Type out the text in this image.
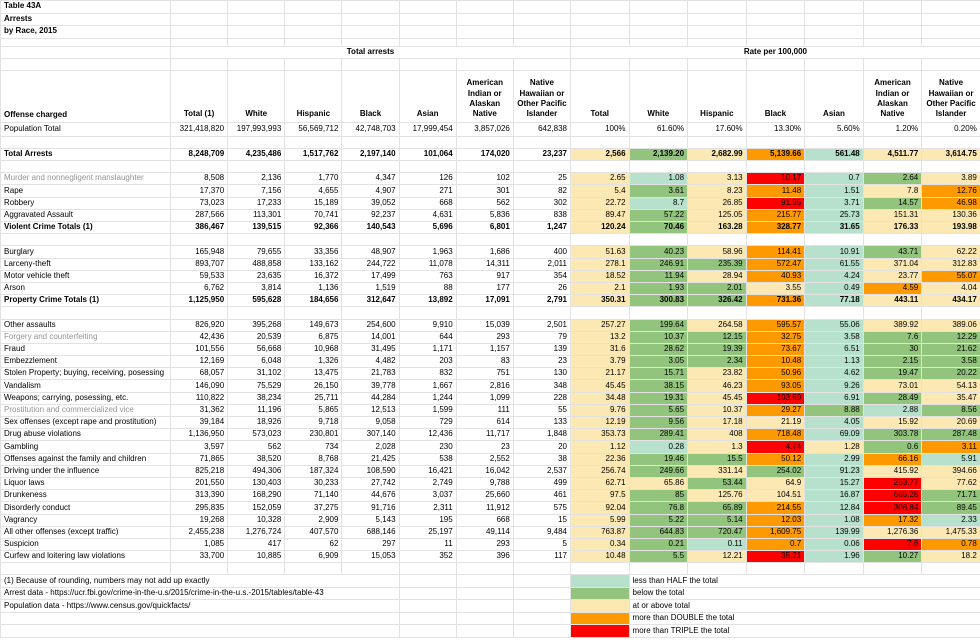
Table 43A														
Arrests														
by Race, 2015														

	Total arrests							Rate per 100,000						

Offense charged	Total (1)	White	Hispanic	Black	Asian	American Indian or Alaskan Native	Native Hawaiian or Other Pacific Islander	Total	White	Hispanic	Black	Asian	American Indian or Alaskan Native	Native Hawaiian or Other Pacific Islander
Population Total	321,418,820	197,993,993	56,569,712	42,748,703	17,999,454	3,857,026	642,838	100%	61.60%	17.60%	13.30%	5.60%	1.20%	0.20%

Total Arrests	8,248,709	4,235,486	1,517,762	2,197,140	101,064	174,020	23,237	2,566	2,139.20	2,682.99	5,139.66	561.48	4,511.77	3,614.75

Murder and nonnegligent manslaughter	8,508	2,136	1,770	4,347	126	102	25	2.65	1.08	3.13	10.17	0.7	2.64	3.89
Rape	17,370	7,156	4,655	4,907	271	301	82	5.4	3.61	8.23	11.48	1.51	7.8	12.76
Robbery	73,023	17,233	15,189	39,052	668	562	302	22.72	8.7	26.85	91.35	3.71	14.57	46.98
Aggravated Assault	287,566	113,301	70,741	92,237	4,631	5,836	838	89.47	57.22	125.05	215.77	25.73	151.31	130.36
Violent Crime Totals (1)	386,467	139,515	92,366	140,543	5,696	6,801	1,247	120.24	70.46	163.28	328.77	31.65	176.33	193.98

Burglary	165,948	79,655	33,356	48,907	1,963	1,686	400	51.63	40.23	58.96	114.41	10.91	43.71	62.22
Larceny-theft	893,707	488,858	133,162	244,722	11,078	14,311	2,011	278.1	246.91	235.39	572.47	61.55	371.04	312.83
Motor vehicle theft	59,533	23,635	16,372	17,499	763	917	354	18.52	11.94	28.94	40.93	4.24	23.77	55.07
Arson	6,762	3,814	1,136	1,519	88	177	26	2.1	1.93	2.01	3.55	0.49	4.59	4.04
Property Crime Totals (1)	1,125,950	595,628	184,656	312,647	13,892	17,091	2,791	350.31	300.83	326.42	731.36	77.18	443.11	434.17

Other assaults	826,920	395,268	149,673	254,600	9,910	15,039	2,501	257.27	199.64	264.58	595.57	55.06	389.92	389.06
Forgery and counterfeiting	42,436	20,539	6,875	14,001	644	293	79	13.2	10.37	12.15	32.75	3.58	7.6	12.29
Fraud	101,556	56,668	10,968	31,495	1,171	1,157	139	31.6	28.62	19.39	73.67	6.51	30	21.62
Embezzlement	12,169	6,048	1,326	4,482	203	83	23	3.79	3.05	2.34	10.48	1.13	2.15	3.58
Stolen Property; buying, receiving, posessing	68,057	31,102	13,475	21,783	832	751	130	21.17	15.71	23.82	50.96	4.62	19.47	20.22
Vandalism	146,090	75,529	26,150	39,778	1,667	2,816	348	45.45	38.15	46.23	93.05	9.26	73.01	54.13
Weapons; carrying, posessing, etc.	110,822	38,234	25,711	44,284	1,244	1,099	228	34.48	19.31	45.45	103.59	6.91	28.49	35.47
Prostitution and commercialized vice	31,362	11,196	5,865	12,513	1,599	111	55	9.76	5.65	10.37	29.27	8.88	2.88	8.56
Sex offenses (except rape and prostitution)	39,184	18,926	9,718	9,058	729	614	133	12.19	9.56	17.18	21.19	4.05	15.92	20.69
Drug abuse violations	1,136,950	573,023	230,801	307,140	12,436	11,717	1,848	353.73	289.41	408	718.48	69.09	303.78	287.48
Gambling	3,597	562	734	2,028	230	23	20	1.12	0.28	1.3	4.74	1.28	0.6	3.11
Offenses against the family and children	71,865	38,520	8,768	21,425	538	2,552	38	22.36	19.46	15.5	50.12	2.99	66.16	5.91
Driving under the influence	825,218	494,306	187,324	108,590	16,421	16,042	2,537	256.74	249.66	331.14	254.02	91.23	415.92	394.66
Liquor laws	201,550	130,403	30,233	27,742	2,749	9,788	499	62.71	65.86	53.44	64.9	15.27	253.77	77.62
Drunkeness	313,390	168,290	71,140	44,676	3,037	25,660	461	97.5	85	125.76	104.51	16.87	665.28	71.71
Disorderly conduct	295,835	152,059	37,275	91,716	2,311	11,912	575	92.04	76.8	65.89	214.55	12.84	308.84	89.45
Vagrancy	19,268	10,328	2,909	5,143	195	668	15	5.99	5.22	5.14	12.03	1.08	17.32	2.33
All other offenses (except traffic)	2,455,238	1,276,724	407,570	688,146	25,197	49,114	9,484	763.87	644.83	720.47	1,609.75	139.99	1,276.36	1,475.33
Suspicion	1,085	417	62	297	11	293	5	0.34	0.21	0.11	0.7	0.06	7.6	0.78
Curfew and loitering law violations	33,700	10,885	6,909	15,053	352	396	117	10.48	5.5	12.21	35.21	1.96	10.27	18.2

(1) Because of rounding, numbers may not add up exactly									less than HALF the total					
Arrest data - https://ucr.fbi.gov/crime-in-the-u.s/2015/crime-in-the-u.s.-2015/tables/table-43									below the total					
Population data - https://www.census.gov/quickfacts/									at or above total					
									more than DOUBLE the total					
									more than TRIPLE the total					
